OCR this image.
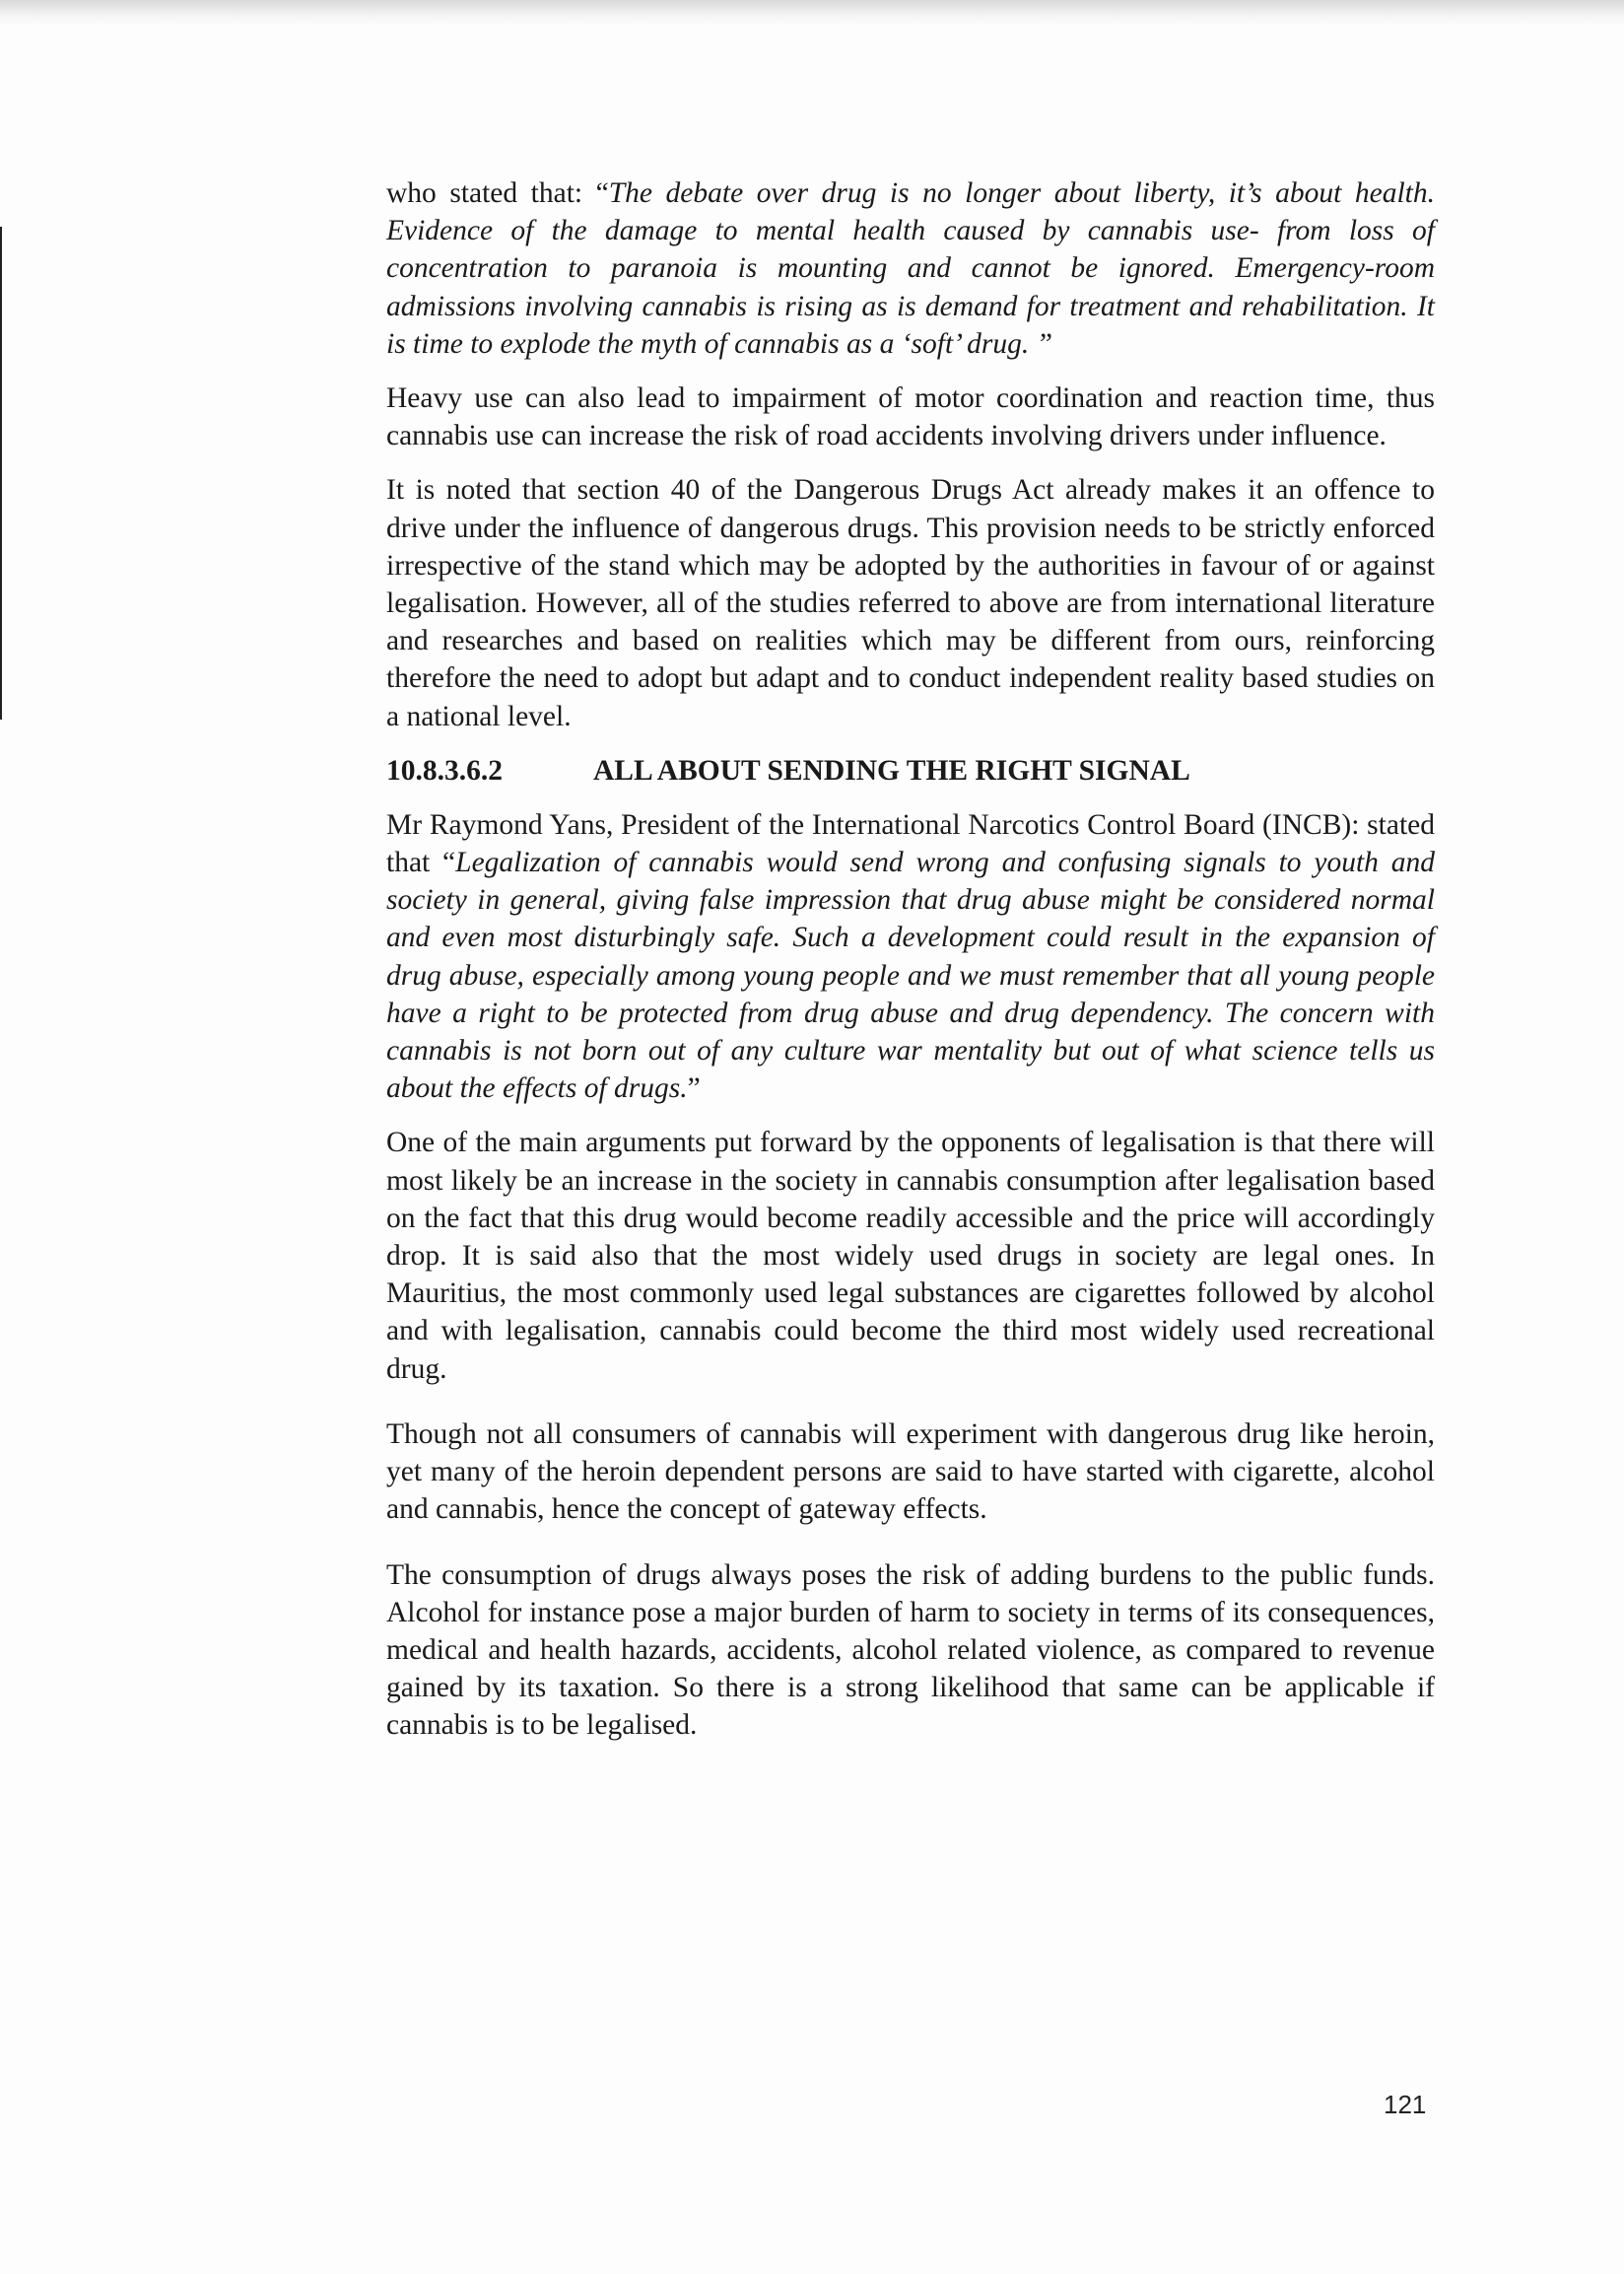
who stated that: “The debate over drug is no longer about liberty, it’s about health. Evidence of the damage to mental health caused by cannabis use- from loss of concentration to paranoia is mounting and cannot be ignored. Emergency-room admissions involving cannabis is rising as is demand for treatment and rehabilitation. It is time to explode the myth of cannabis as a ‘soft’ drug. ”

Heavy use can also lead to impairment of motor coordination and reaction time, thus cannabis use can increase the risk of road accidents involving drivers under influence.

It is noted that section 40 of the Dangerous Drugs Act already makes it an offence to drive under the influence of dangerous drugs. This provision needs to be strictly enforced irrespective of the stand which may be adopted by the authorities in favour of or against legalisation. However, all of the studies referred to above are from international literature and researches and based on realities which may be different from ours, reinforcing therefore the need to adopt but adapt and to conduct independent reality based studies on a national level.

10.8.3.6.2	ALL ABOUT SENDING THE RIGHT SIGNAL

Mr Raymond Yans, President of the International Narcotics Control Board (INCB): stated that “Legalization of cannabis would send wrong and confusing signals to youth and society in general, giving false impression that drug abuse might be considered normal and even most disturbingly safe. Such a development could result in the expansion of drug abuse, especially among young people and we must remember that all young people have a right to be protected from drug abuse and drug dependency. The concern with cannabis is not born out of any culture war mentality but out of what science tells us about the effects of drugs.”

One of the main arguments put forward by the opponents of legalisation is that there will most likely be an increase in the society in cannabis consumption after legalisation based on the fact that this drug would become readily accessible and the price will accordingly drop. It is said also that the most widely used drugs in society are legal ones. In Mauritius, the most commonly used legal substances are cigarettes followed by alcohol and with legalisation, cannabis could become the third most widely used recreational drug.

Though not all consumers of cannabis will experiment with dangerous drug like heroin, yet many of the heroin dependent persons are said to have started with cigarette, alcohol and cannabis, hence the concept of gateway effects.

The consumption of drugs always poses the risk of adding burdens to the public funds. Alcohol for instance pose a major burden of harm to society in terms of its consequences, medical and health hazards, accidents, alcohol related violence, as compared to revenue gained by its taxation. So there is a strong likelihood that same can be applicable if cannabis is to be legalised.

121
